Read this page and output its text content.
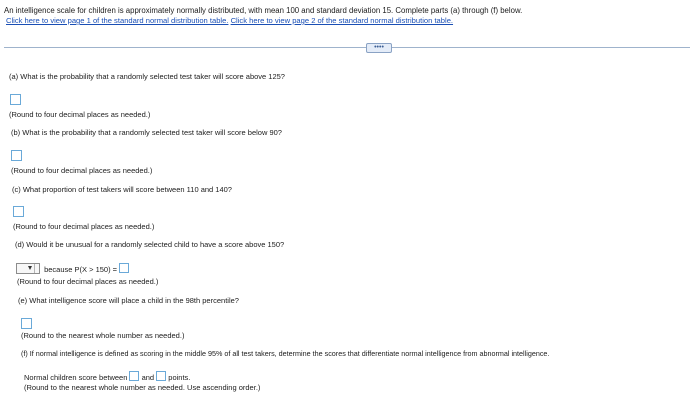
An intelligence scale for children is approximately normally distributed, with mean 100 and standard deviation 15. Complete parts (a) through (f) below.
Click here to view page 1 of the standard normal distribution table. Click here to view page 2 of the standard normal distribution table.
••••
(a) What is the probability that a randomly selected test taker will score above 125?
(Round to four decimal places as needed.)
(b) What is the probability that a randomly selected test taker will score below 90?
(Round to four decimal places as needed.)
(c) What proportion of test takers will score between 110 and 140?
(Round to four decimal places as needed.)
(d) Would it be unusual for a randomly selected child to have a score above 150?
because P(X > 150) =
(Round to four decimal places as needed.)
(e) What intelligence score will place a child in the 98th percentile?
(Round to the nearest whole number as needed.)
(f) If normal intelligence is defined as scoring in the middle 95% of all test takers, determine the scores that differentiate normal intelligence from abnormal intelligence.
Normal children score between and points.
(Round to the nearest whole number as needed. Use ascending order.)
